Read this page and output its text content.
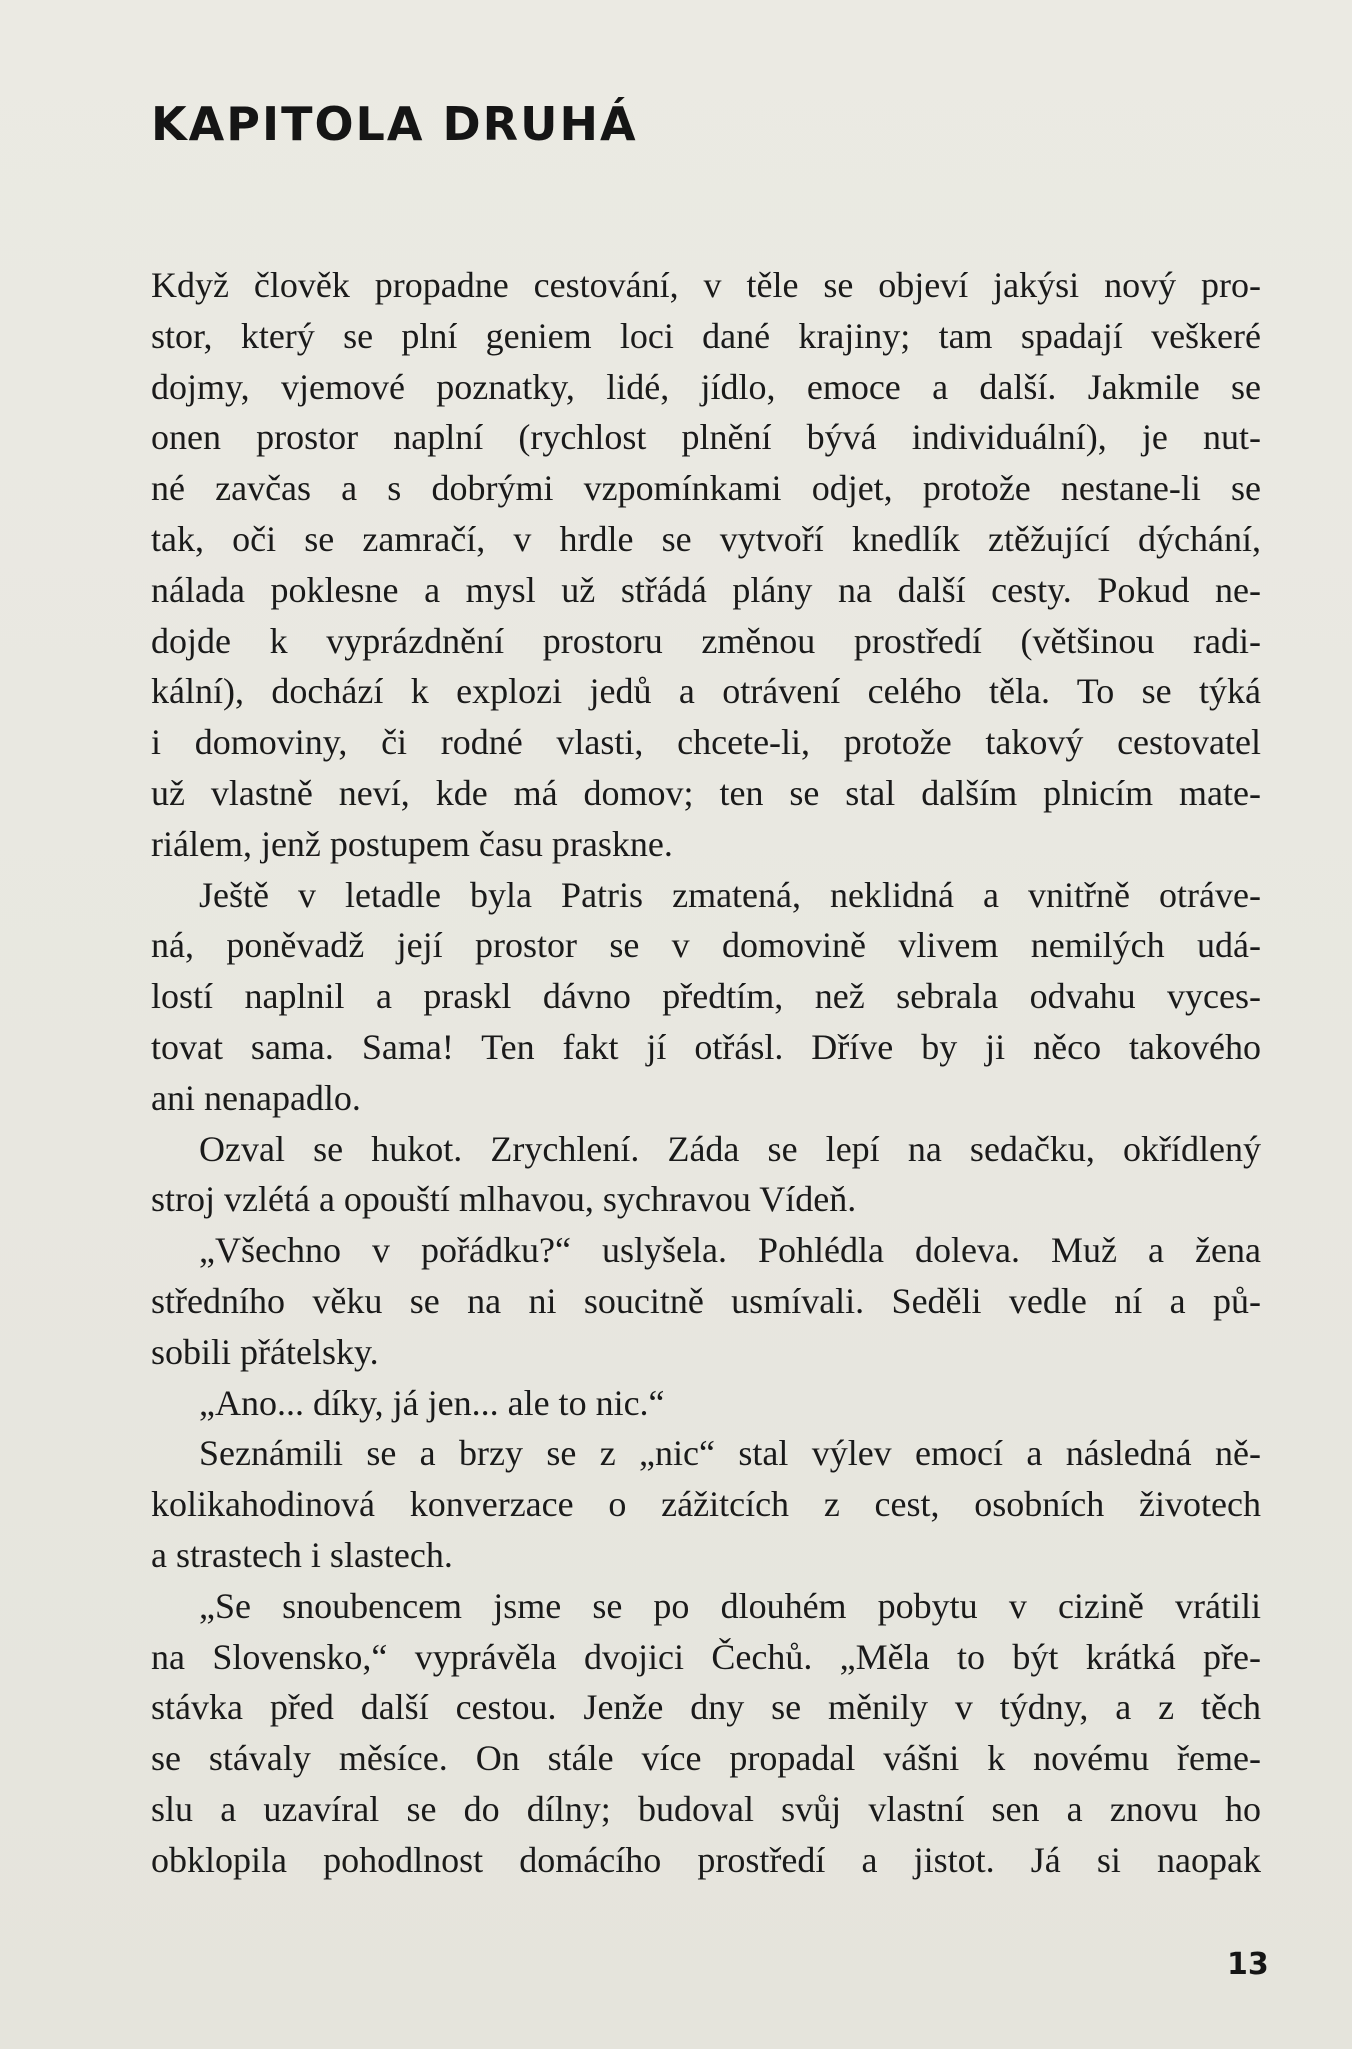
KAPITOLA DRUHÁ
Když člověk propadne cestování, v těle se objeví jakýsi nový pro-
stor, který se plní geniem loci dané krajiny; tam spadají veškeré
dojmy, vjemové poznatky, lidé, jídlo, emoce a další. Jakmile se
onen prostor naplní (rychlost plnění bývá individuální), je nut-
né zavčas a s dobrými vzpomínkami odjet, protože nestane-li se
tak, oči se zamračí, v hrdle se vytvoří knedlík ztěžující dýchání,
nálada poklesne a mysl už střádá plány na další cesty. Pokud ne-
dojde k vyprázdnění prostoru změnou prostředí (většinou radi-
kální), dochází k explozi jedů a otrávení celého těla. To se týká
i domoviny, či rodné vlasti, chcete-li, protože takový cestovatel
už vlastně neví, kde má domov; ten se stal dalším plnicím mate-
riálem, jenž postupem času praskne.
Ještě v letadle byla Patris zmatená, neklidná a vnitřně otráve-
ná, poněvadž její prostor se v domovině vlivem nemilých udá-
lostí naplnil a praskl dávno předtím, než sebrala odvahu vyces-
tovat sama. Sama! Ten fakt jí otřásl. Dříve by ji něco takového
ani nenapadlo.
Ozval se hukot. Zrychlení. Záda se lepí na sedačku, okřídlený
stroj vzlétá a opouští mlhavou, sychravou Vídeň.
„Všechno v pořádku?“ uslyšela. Pohlédla doleva. Muž a žena
středního věku se na ni soucitně usmívali. Seděli vedle ní a pů-
sobili přátelsky.
„Ano... díky, já jen... ale to nic.“
Seznámili se a brzy se z „nic“ stal výlev emocí a následná ně-
kolikahodinová konverzace o zážitcích z cest, osobních životech
a strastech i slastech.
„Se snoubencem jsme se po dlouhém pobytu v cizině vrátili
na Slovensko,“ vyprávěla dvojici Čechů. „Měla to být krátká pře-
stávka před další cestou. Jenže dny se měnily v týdny, a z těch
se stávaly měsíce. On stále více propadal vášni k novému řeme-
slu a uzavíral se do dílny; budoval svůj vlastní sen a znovu ho
obklopila pohodlnost domácího prostředí a jistot. Já si naopak
13
